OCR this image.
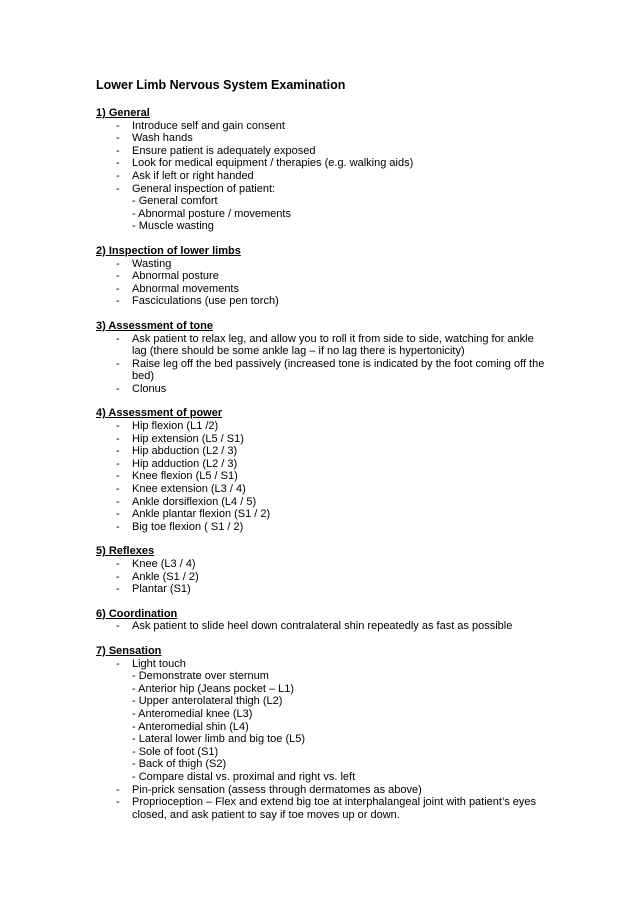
Lower Limb Nervous System Examination
1) General
- Introduce self and gain consent
- Wash hands
- Ensure patient is adequately exposed
- Look for medical equipment / therapies (e.g. walking aids)
- Ask if left or right handed
- General inspection of patient:
- General comfort
- Abnormal posture / movements
- Muscle wasting
2) Inspection of lower limbs
- Wasting
- Abnormal posture
- Abnormal movements
- Fasciculations (use pen torch)
3) Assessment of tone
- Ask patient to relax leg, and allow you to roll it from side to side, watching for ankle lag (there should be some ankle lag – if no lag there is hypertonicity)
- Raise leg off the bed passively (increased tone is indicated by the foot coming off the bed)
- Clonus
4) Assessment of power
- Hip flexion (L1 /2)
- Hip extension (L5 / S1)
- Hip abduction (L2 / 3)
- Hip adduction (L2 / 3)
- Knee flexion (L5 / S1)
- Knee extension (L3 / 4)
- Ankle dorsiflexion (L4 / 5)
- Ankle plantar flexion (S1 / 2)
- Big toe flexion ( S1 / 2)
5) Reflexes
- Knee (L3 / 4)
- Ankle (S1 / 2)
- Plantar (S1)
6) Coordination
- Ask patient to slide heel down contralateral shin repeatedly as fast as possible
7) Sensation
- Light touch
- Demonstrate over sternum
- Anterior hip (Jeans pocket – L1)
- Upper anterolateral thigh (L2)
- Anteromedial knee (L3)
- Anteromedial shin (L4)
- Lateral lower limb and big toe (L5)
- Sole of foot (S1)
- Back of thigh (S2)
- Compare distal vs. proximal and right vs. left
- Pin-prick sensation (assess through dermatomes as above)
- Proprioception – Flex and extend big toe at interphalangeal joint with patient’s eyes closed, and ask patient to say if toe moves up or down.
